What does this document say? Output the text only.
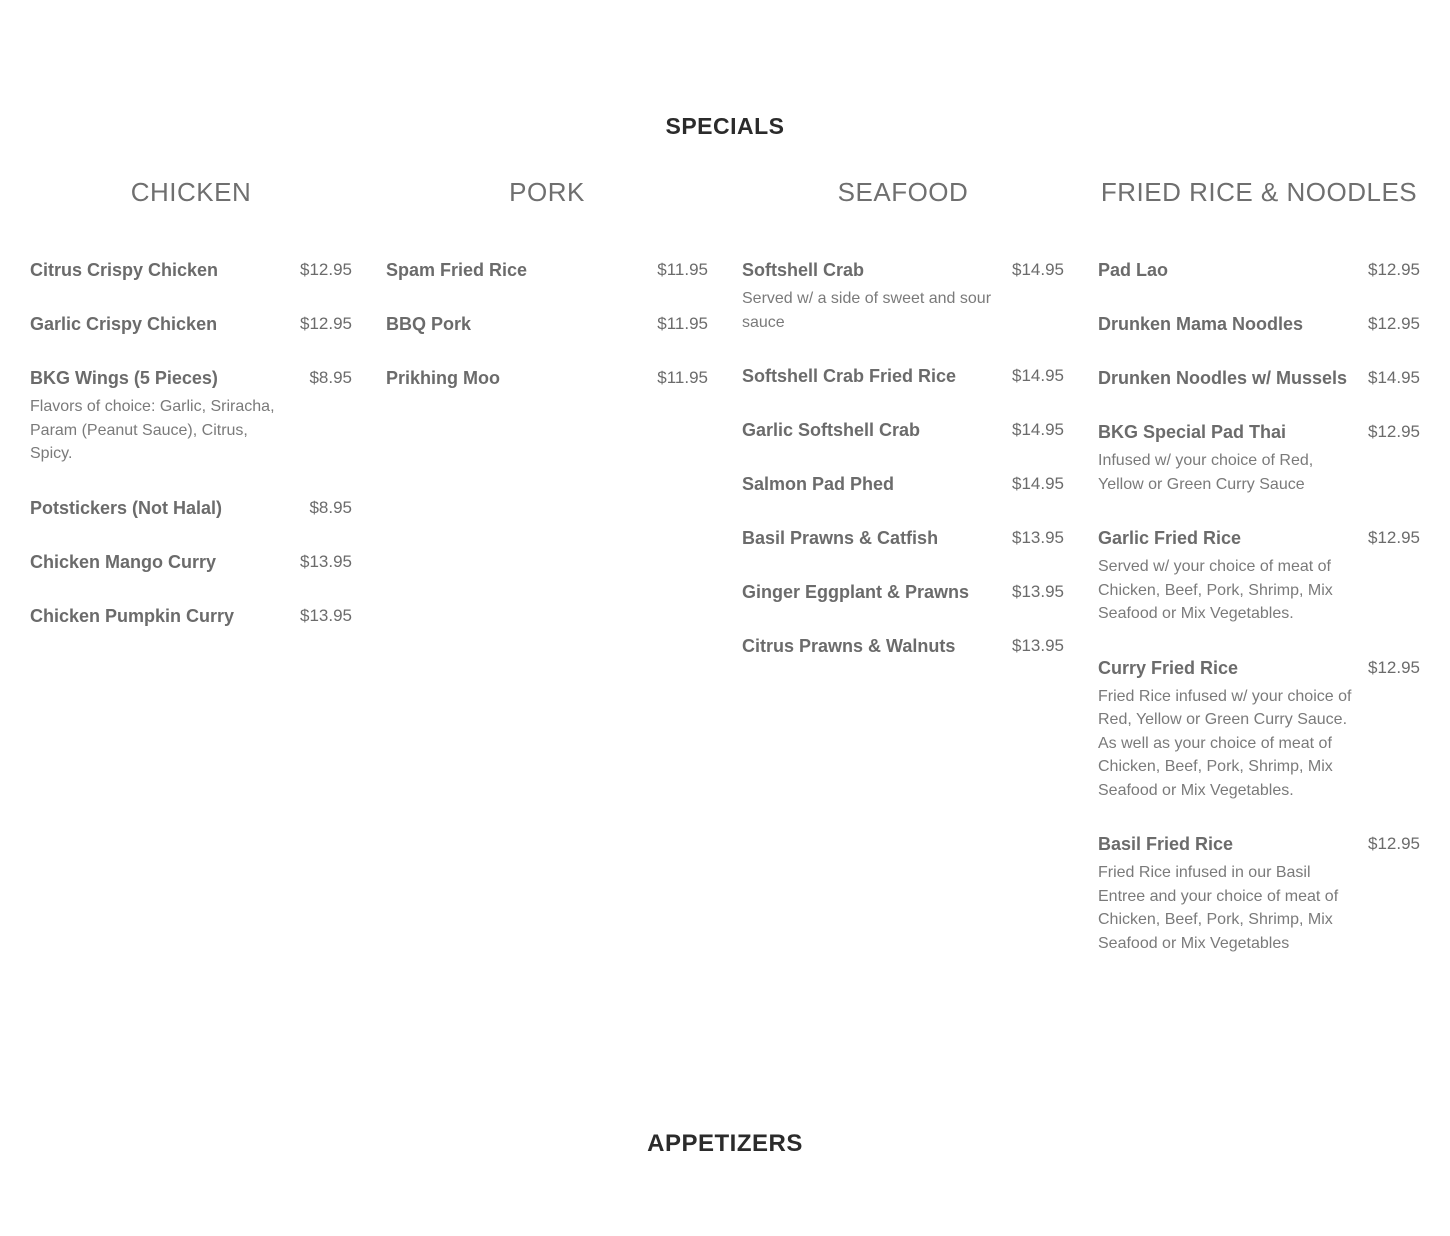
SPECIALS
CHICKEN
Citrus Crispy Chicken	$12.95
Garlic Crispy Chicken	$12.95
BKG Wings (5 Pieces)	$8.95
Flavors of choice: Garlic, Sriracha, Param (Peanut Sauce), Citrus, Spicy.
Potstickers (Not Halal)	$8.95
Chicken Mango Curry	$13.95
Chicken Pumpkin Curry	$13.95
PORK
Spam Fried Rice	$11.95
BBQ Pork	$11.95
Prikhing Moo	$11.95
SEAFOOD
Softshell Crab	$14.95
Served w/ a side of sweet and sour sauce
Softshell Crab Fried Rice	$14.95
Garlic Softshell Crab	$14.95
Salmon Pad Phed	$14.95
Basil Prawns & Catfish	$13.95
Ginger Eggplant & Prawns	$13.95
Citrus Prawns & Walnuts	$13.95
FRIED RICE & NOODLES
Pad Lao	$12.95
Drunken Mama Noodles	$12.95
Drunken Noodles w/ Mussels	$14.95
BKG Special Pad Thai	$12.95
Infused w/ your choice of Red, Yellow or Green Curry Sauce
Garlic Fried Rice	$12.95
Served w/ your choice of meat of Chicken, Beef, Pork, Shrimp, Mix Seafood or Mix Vegetables.
Curry Fried Rice	$12.95
Fried Rice infused w/ your choice of Red, Yellow or Green Curry Sauce. As well as your choice of meat of Chicken, Beef, Pork, Shrimp, Mix Seafood or Mix Vegetables.
Basil Fried Rice	$12.95
Fried Rice infused in our Basil Entree and your choice of meat of Chicken, Beef, Pork, Shrimp, Mix Seafood or Mix Vegetables
APPETIZERS
